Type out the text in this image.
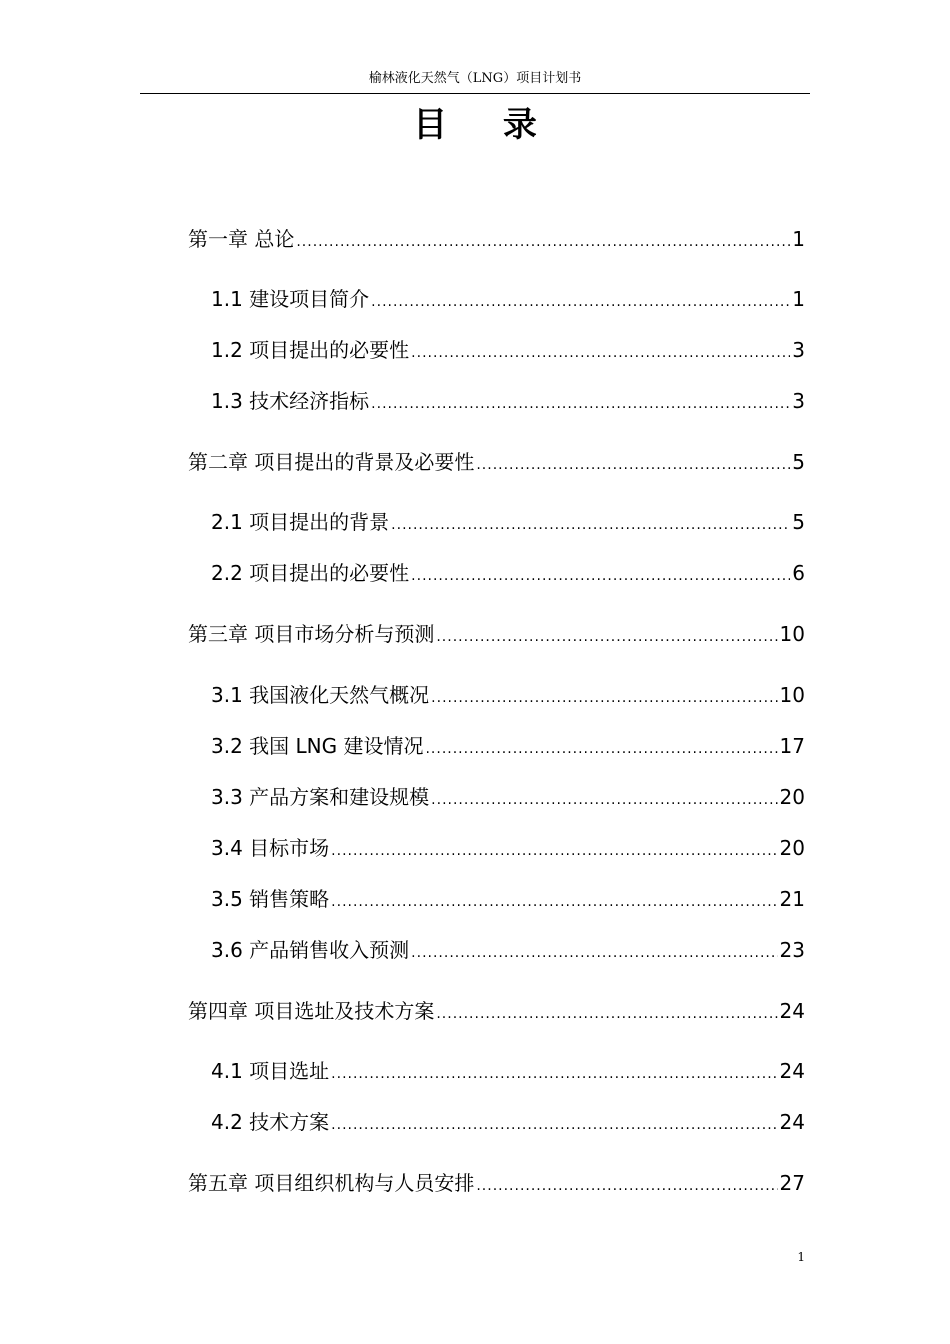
榆林液化天然气（LNG）项目计划书
目 录
第一章 总论 .....	1
1.1 建设项目简介 .....	1
1.2 项目提出的必要性 .....	3
1.3 技术经济指标 .....	3
第二章 项目提出的背景及必要性 .....	5
2.1 项目提出的背景 .....	5
2.2 项目提出的必要性 .....	6
第三章 项目市场分析与预测 .....	10
3.1 我国液化天然气概况 .....	10
3.2 我国 LNG 建设情况 .....	17
3.3 产品方案和建设规模 .....	20
3.4 目标市场 .....	20
3.5 销售策略 .....	21
3.6 产品销售收入预测 .....	23
第四章 项目选址及技术方案 .....	24
4.1 项目选址 .....	24
4.2 技术方案 .....	24
第五章 项目组织机构与人员安排 .....	27
1
